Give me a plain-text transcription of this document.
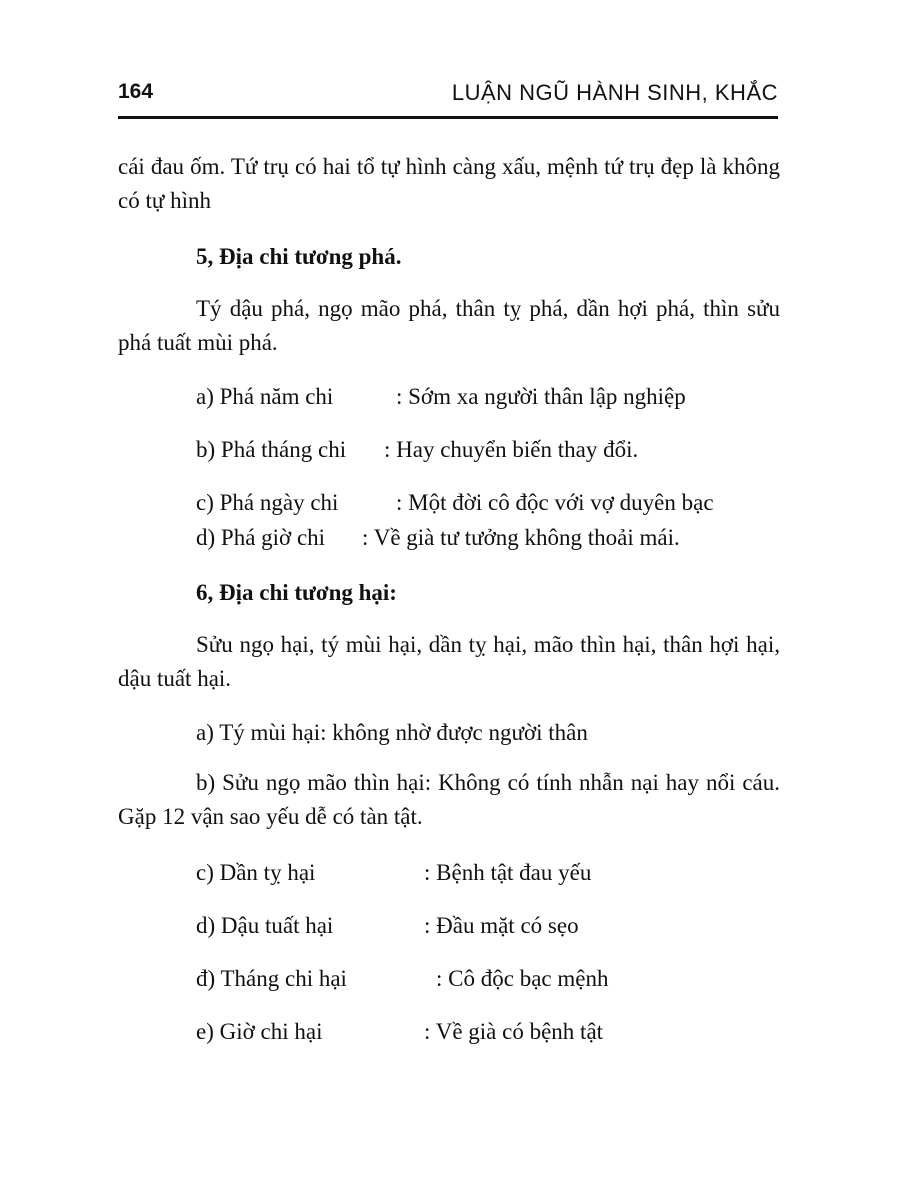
164	LUẬN NGŨ HÀNH SINH, KHẮC
cái đau ốm. Tứ trụ có hai tổ tự hình càng xấu, mệnh tứ trụ đẹp là không có tự hình
5, Địa chi tương phá.
Tý dậu phá, ngọ mão phá, thân tỵ phá, dần hợi phá, thìn sửu phá tuất mùi phá.
a) Phá năm chi	: Sớm xa người thân lập nghiệp
b) Phá tháng chi : Hay chuyển biến thay đổi.
c) Phá ngày chi	: Một đời cô độc với vợ duyên bạc
d) Phá giờ chi : Về già tư tưởng không thoải mái.
6, Địa chi tương hại:
Sửu ngọ hại, tý mùi hại, dần tỵ hại, mão thìn hại, thân hợi hại, dậu tuất hại.
a) Tý mùi hại: không nhờ được người thân
b) Sửu ngọ mão thìn hại: Không có tính nhẫn nại hay nổi cáu. Gặp 12 vận sao yếu dễ có tàn tật.
c) Dần tỵ hại	: Bệnh tật đau yếu
d) Dậu tuất hại	: Đầu mặt có sẹo
đ) Tháng chi hại	: Cô độc bạc mệnh
e) Giờ chi hại	: Về già có bệnh tật
